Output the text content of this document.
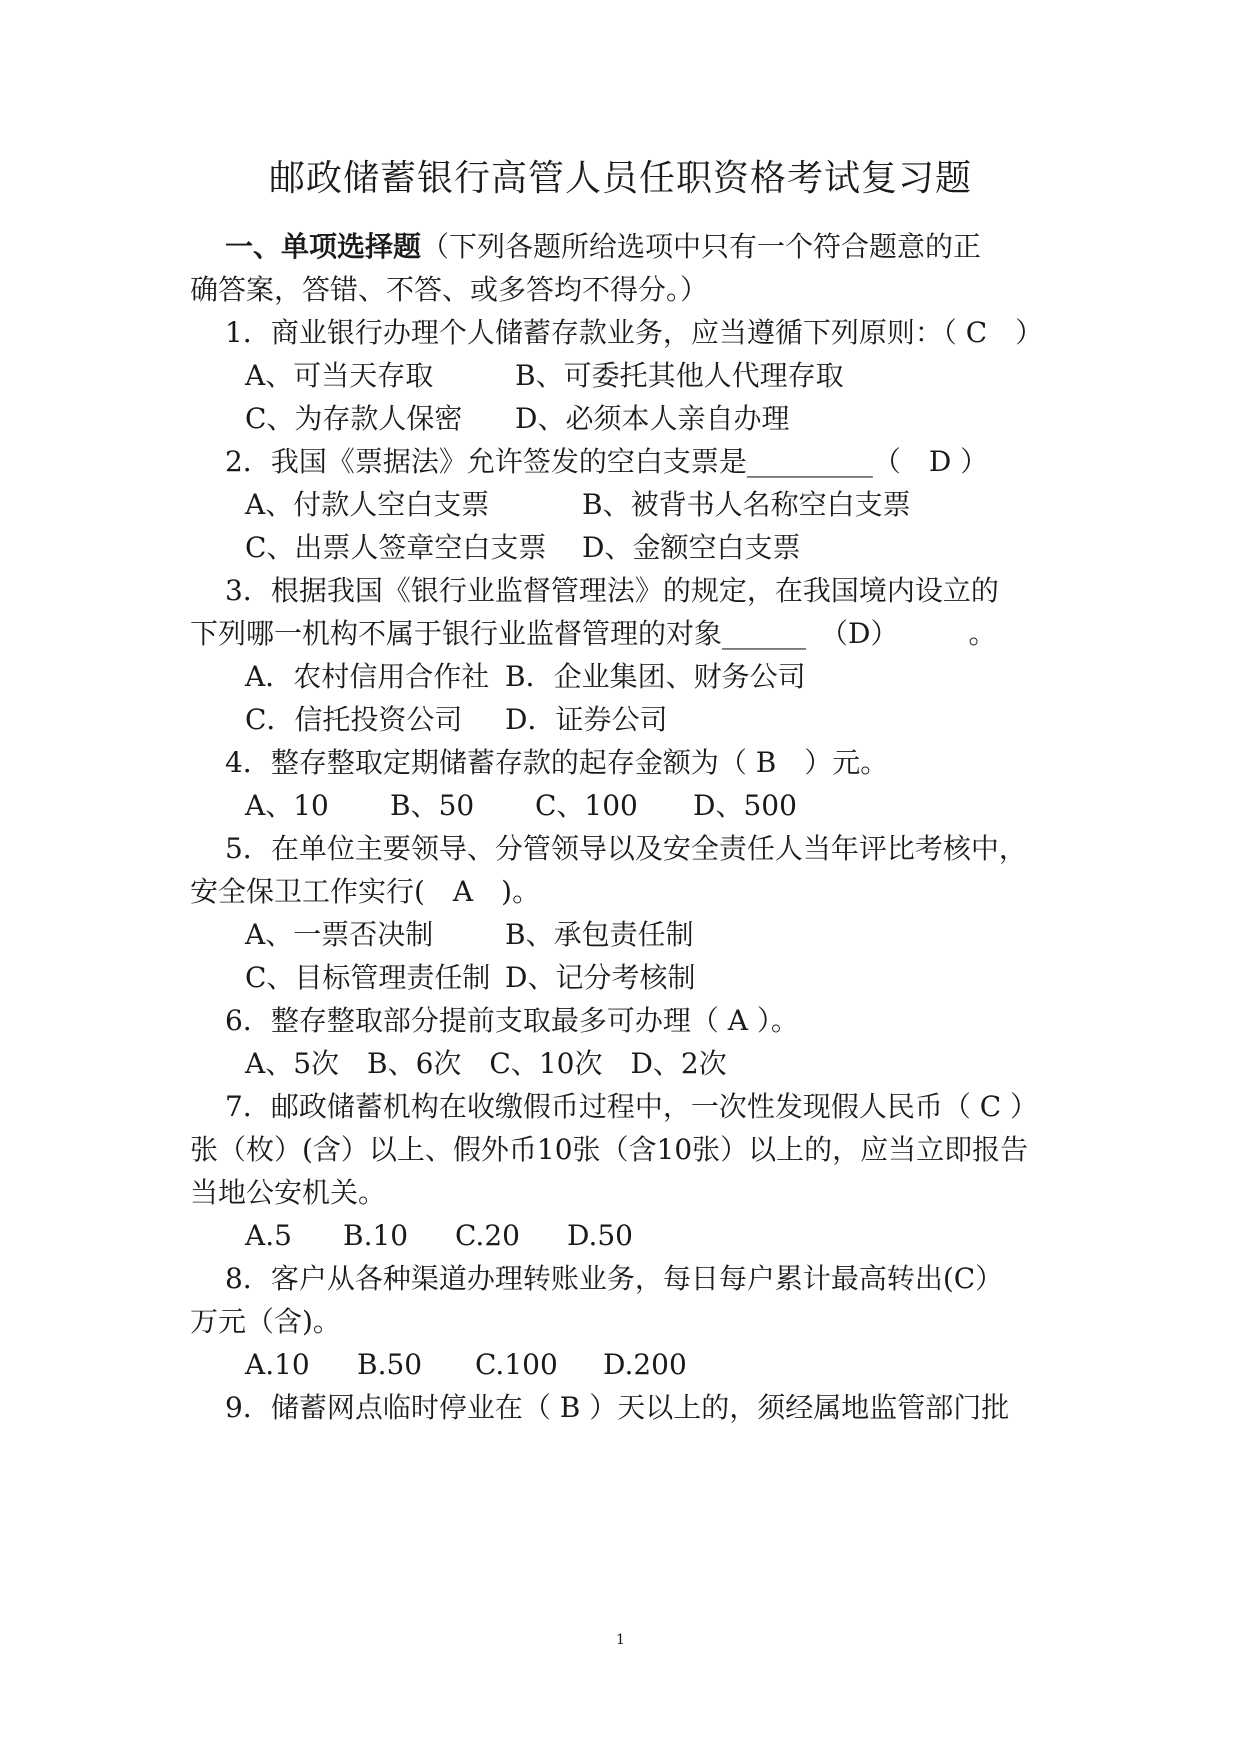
邮政储蓄银行高管人员任职资格考试复习题
一、单项选择题（下列各题所给选项中只有一个符合题意的正
确答案，答错、不答、或多答均不得分。）
1．商业银行办理个人储蓄存款业务，应当遵循下列原则：（ C　）
A、可当天存取	B、可委托其他人代理存取
C、为存款人保密 D、必须本人亲自办理
2．我国《票据法》允许签发的空白支票是_________（　D ）
A、付款人空白支票	B、被背书人名称空白支票
C、出票人签章空白支票 D、金额空白支票
3．根据我国《银行业监督管理法》的规定，在我国境内设立的
下列哪一机构不属于银行业监督管理的对象______　（D）　　　。
A．农村信用合作社 B．企业集团、财务公司
C．信托投资公司 D．证券公司
4．整存整取定期储蓄存款的起存金额为（ B　）元。
A、10 B、50 C、100 D、500
5．在单位主要领导、分管领导以及安全责任人当年评比考核中，
安全保卫工作实行(　A　)。
A、一票否决制	B、承包责任制
C、目标管理责任制 D、记分考核制
6．整存整取部分提前支取最多可办理（ A ）。
A、5次　B、6次　C、10次　D、2次
7．邮政储蓄机构在收缴假币过程中，一次性发现假人民币（ C ）
张（枚）(含）以上、假外币10张（含10张）以上的，应当立即报告
当地公安机关。
A.5 B.10 C.20 D.50
8．客户从各种渠道办理转账业务，每日每户累计最高转出(C）
万元（含)。
A.10 B.50 C.100 D.200
9．储蓄网点临时停业在（ B ）天以上的，须经属地监管部门批
1
